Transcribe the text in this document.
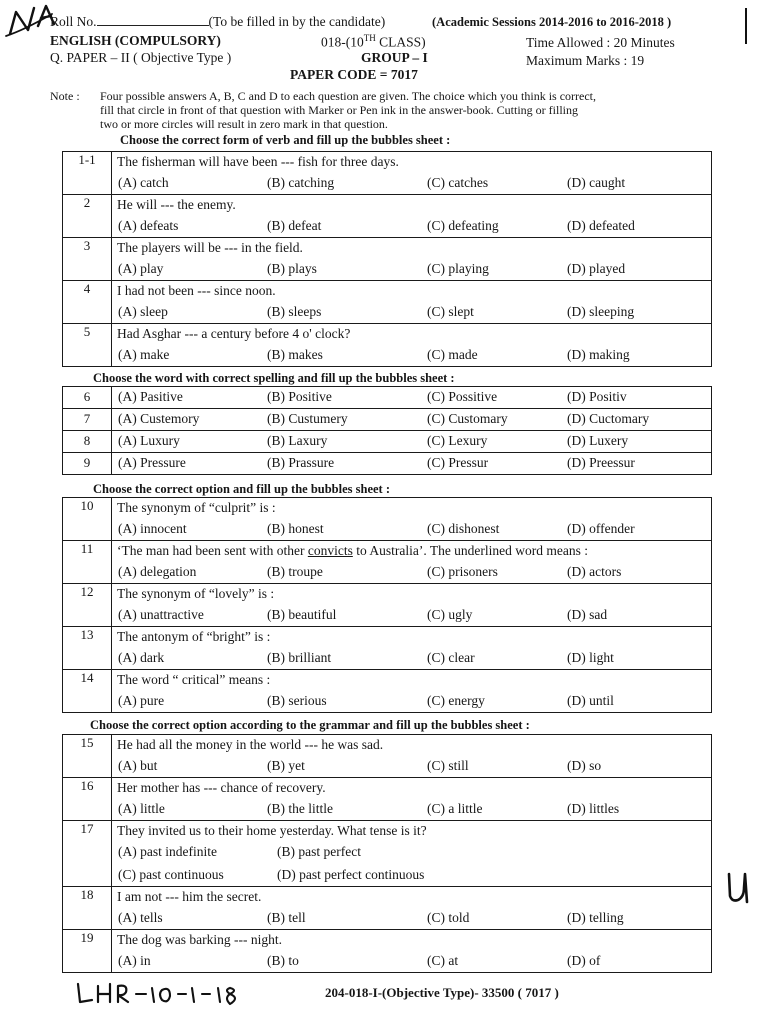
Roll No.	(To be filled in by the candidate)	(Academic Sessions 2014-2016 to 2016-2018 )
ENGLISH (COMPULSORY)	018-(10TH CLASS)	Time Allowed : 20 Minutes
Q. PAPER – II ( Objective Type )	GROUP – I	Maximum Marks : 19
PAPER CODE = 7017
Note : Four possible answers A, B, C and D to each question are given. The choice which you think is correct,
fill that circle in front of that question with Marker or Pen ink in the answer-book. Cutting or filling
two or more circles will result in zero mark in that question.
Choose the correct form of verb and fill up the bubbles sheet :
1-1	The fisherman will have been --- fish for three days.
(A) catch (B) catching (C) catches (D) caught

2	He will --- the enemy.
(A) defeats (B) defeat (C) defeating (D) defeated

3	The players will be --- in the field.
(A) play (B) plays (C) playing (D) played

4	I had not been --- since noon.
(A) sleep (B) sleeps (C) slept (D) sleeping

5	Had Asghar --- a century before 4 o' clock?
(A) make (B) makes (C) made (D) making
Choose the word with correct spelling and fill up the bubbles sheet :
6	(A) Pasitive (B) Positive (C) Possitive (D) Positiv

7	(A) Custemory (B) Custumery (C) Customary (D) Cuctomary

8	(A) Luxury (B) Laxury (C) Lexury (D) Luxery

9	(A) Pressure (B) Prassure (C) Pressur (D) Preessur
Choose the correct option and fill up the bubbles sheet :
10	The synonym of “culprit” is :
(A) innocent (B) honest (C) dishonest (D) offender

11	‘The man had been sent with other convicts to Australia’. The underlined word means :
(A) delegation (B) troupe (C) prisoners (D) actors

12	The synonym of “lovely” is :
(A) unattractive (B) beautiful (C) ugly (D) sad

13	The antonym of “bright” is :
(A) dark (B) brilliant (C) clear (D) light

14	The word “ critical” means :
(A) pure (B) serious (C) energy (D) until
Choose the correct option according to the grammar and fill up the bubbles sheet :
15	He had all the money in the world --- he was sad.
(A) but (B) yet (C) still (D) so

16	Her mother has --- chance of recovery.
(A) little (B) the little (C) a little (D) littles

17	They invited us to their home yesterday. What tense is it?
(A) past indefinite (B) past perfect
(C) past continuous (D) past perfect continuous

18	I am not --- him the secret.
(A) tells (B) tell (C) told (D) telling

19	The dog was barking --- night.
(A) in (B) to (C) at (D) of
204-018-I-(Objective Type)- 33500 ( 7017 )
